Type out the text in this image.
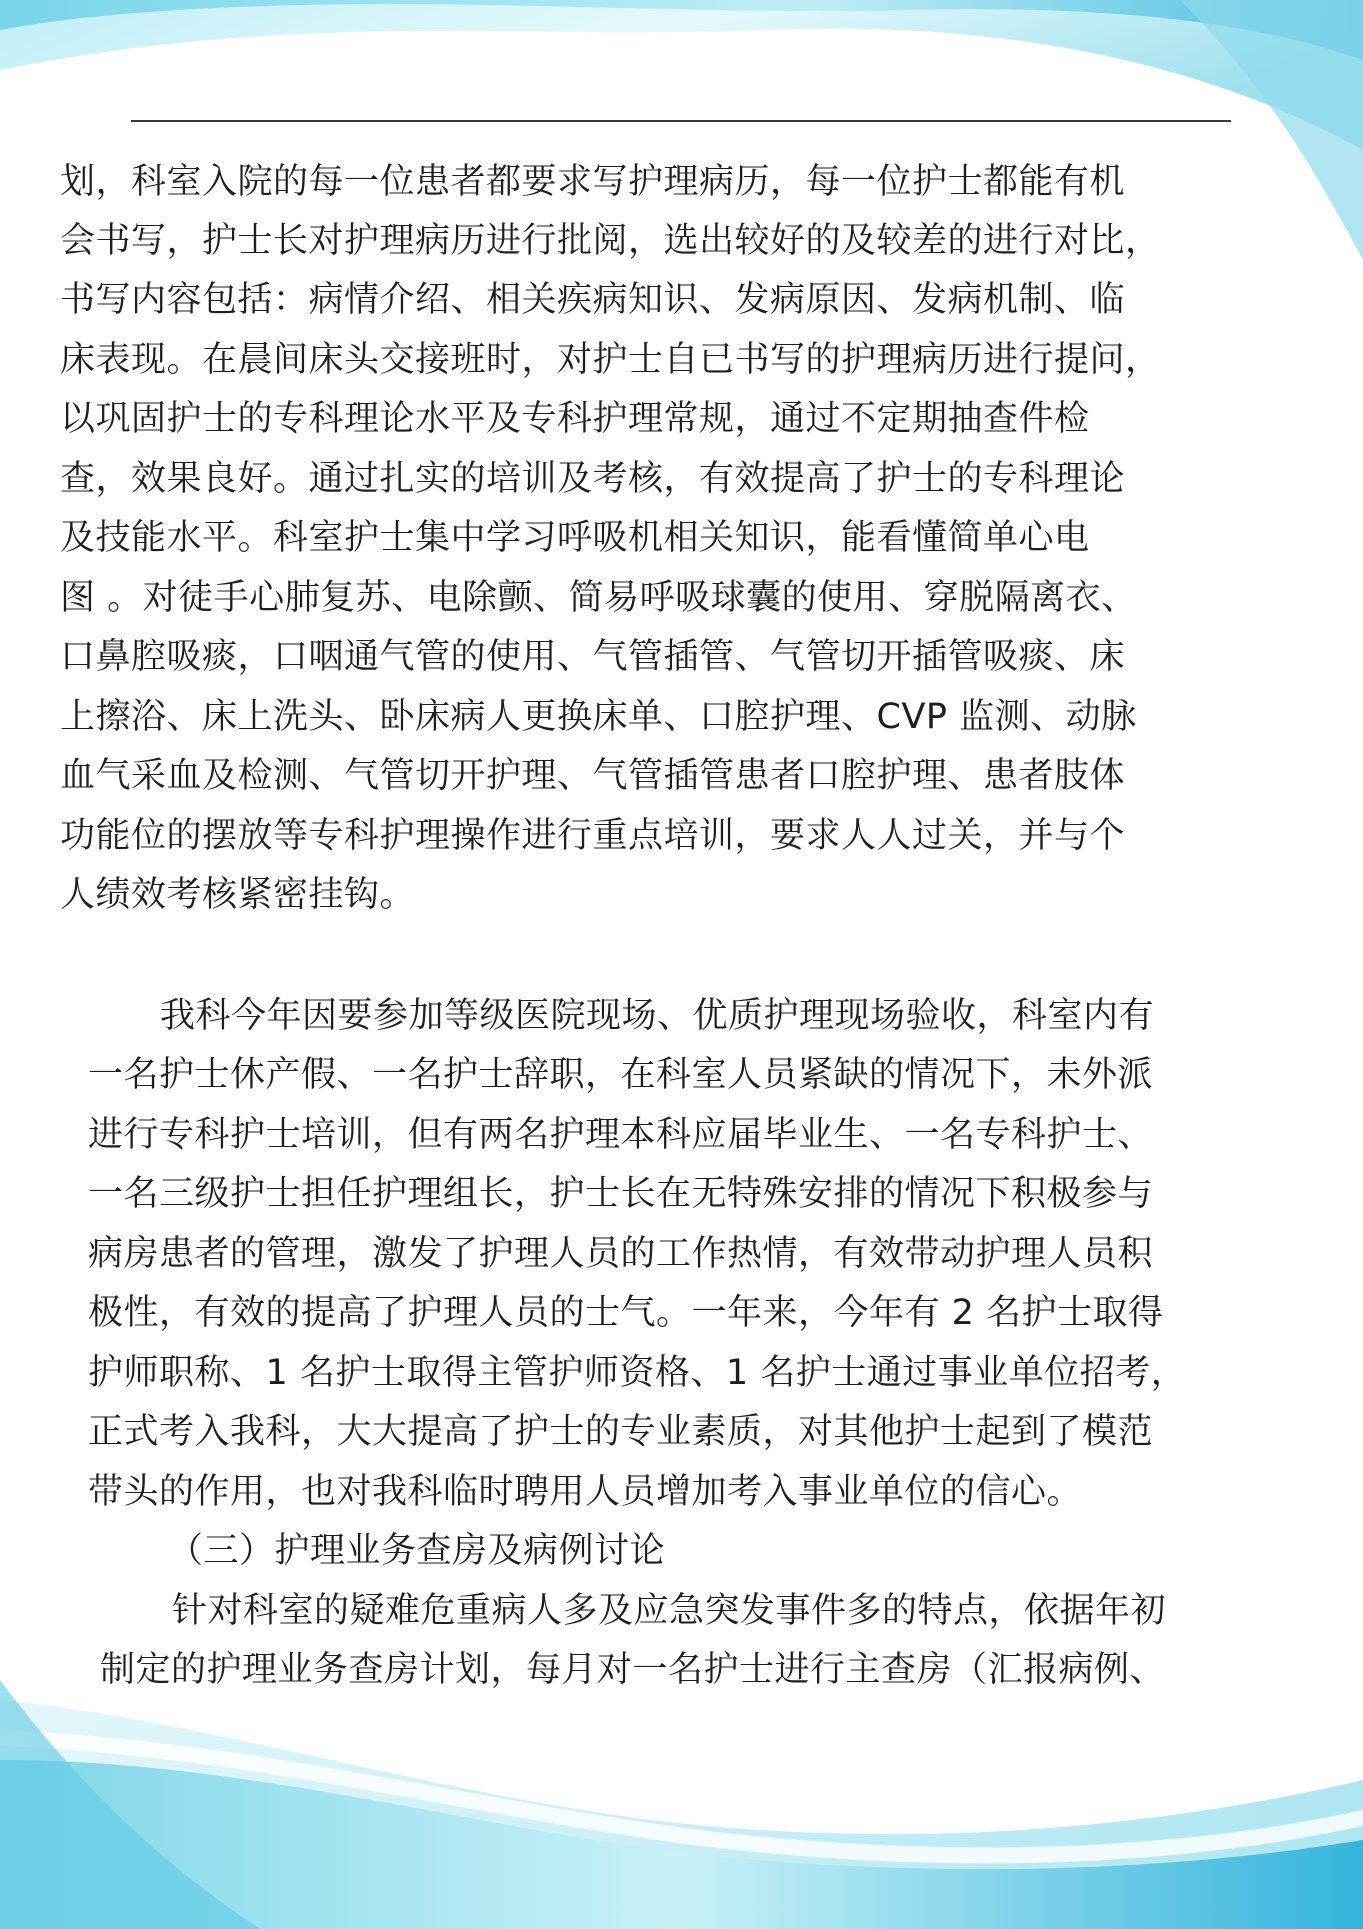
划，科室入院的每一位患者都要求写护理病历，每一位护士都能有机
会书写，护士长对护理病历进行批阅，选出较好的及较差的进行对比，
书写内容包括：病情介绍、相关疾病知识、发病原因、发病机制、临
床表现。在晨间床头交接班时，对护士自已书写的护理病历进行提问，
以巩固护士的专科理论水平及专科护理常规，通过不定期抽查件检
查，效果良好。通过扎实的培训及考核，有效提高了护士的专科理论
及技能水平。科室护士集中学习呼吸机相关知识，能看懂简单心电
图 。对徒手心肺复苏、电除颤、简易呼吸球囊的使用、穿脱隔离衣、
口鼻腔吸痰，口咽通气管的使用、气管插管、气管切开插管吸痰、床
上擦浴、床上洗头、卧床病人更换床单、口腔护理、CVP 监测、动脉
血气采血及检测、气管切开护理、气管插管患者口腔护理、患者肢体
功能位的摆放等专科护理操作进行重点培训，要求人人过关，并与个
人绩效考核紧密挂钩。
我科今年因要参加等级医院现场、优质护理现场验收，科室内有
一名护士休产假、一名护士辞职，在科室人员紧缺的情况下，未外派
进行专科护士培训，但有两名护理本科应届毕业生、一名专科护士、
一名三级护士担任护理组长，护士长在无特殊安排的情况下积极参与
病房患者的管理，激发了护理人员的工作热情，有效带动护理人员积
极性，有效的提高了护理人员的士气。一年来，今年有 2 名护士取得
护师职称、1 名护士取得主管护师资格、1 名护士通过事业单位招考，
正式考入我科，大大提高了护士的专业素质，对其他护士起到了模范
带头的作用，也对我科临时聘用人员增加考入事业单位的信心。
（三）护理业务查房及病例讨论
针对科室的疑难危重病人多及应急突发事件多的特点，依据年初
制定的护理业务查房计划，每月对一名护士进行主查房（汇报病例、
